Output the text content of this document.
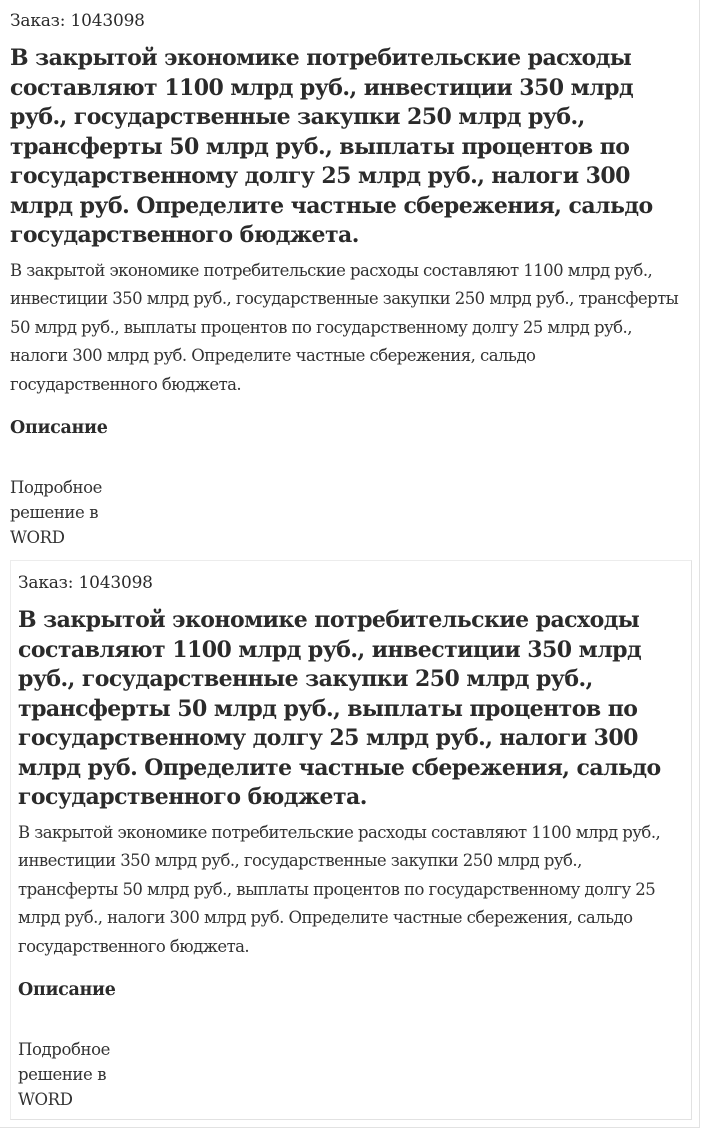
Заказ: 1043098
В закрытой экономике потребительские расходы составляют 1100 млрд руб., инвестиции 350 млрд руб., государственные закупки 250 млрд руб., трансферты 50 млрд руб., выплаты процентов по государственному долгу 25 млрд руб., налоги 300 млрд руб. Определите частные сбережения, сальдо государственного бюджета.
В закрытой экономике потребительские расходы составляют 1100 млрд руб., инвестиции 350 млрд руб., государственные закупки 250 млрд руб., трансферты 50 млрд руб., выплаты процентов по государственному долгу 25 млрд руб., налоги 300 млрд руб. Определите частные сбережения, сальдо государственного бюджета.
Описание
Подробное решение в WORD
Заказ: 1043098
В закрытой экономике потребительские расходы составляют 1100 млрд руб., инвестиции 350 млрд руб., государственные закупки 250 млрд руб., трансферты 50 млрд руб., выплаты процентов по государственному долгу 25 млрд руб., налоги 300 млрд руб. Определите частные сбережения, сальдо государственного бюджета.
В закрытой экономике потребительские расходы составляют 1100 млрд руб., инвестиции 350 млрд руб., государственные закупки 250 млрд руб., трансферты 50 млрд руб., выплаты процентов по государственному долгу 25 млрд руб., налоги 300 млрд руб. Определите частные сбережения, сальдо государственного бюджета.
Описание
Подробное решение в WORD
